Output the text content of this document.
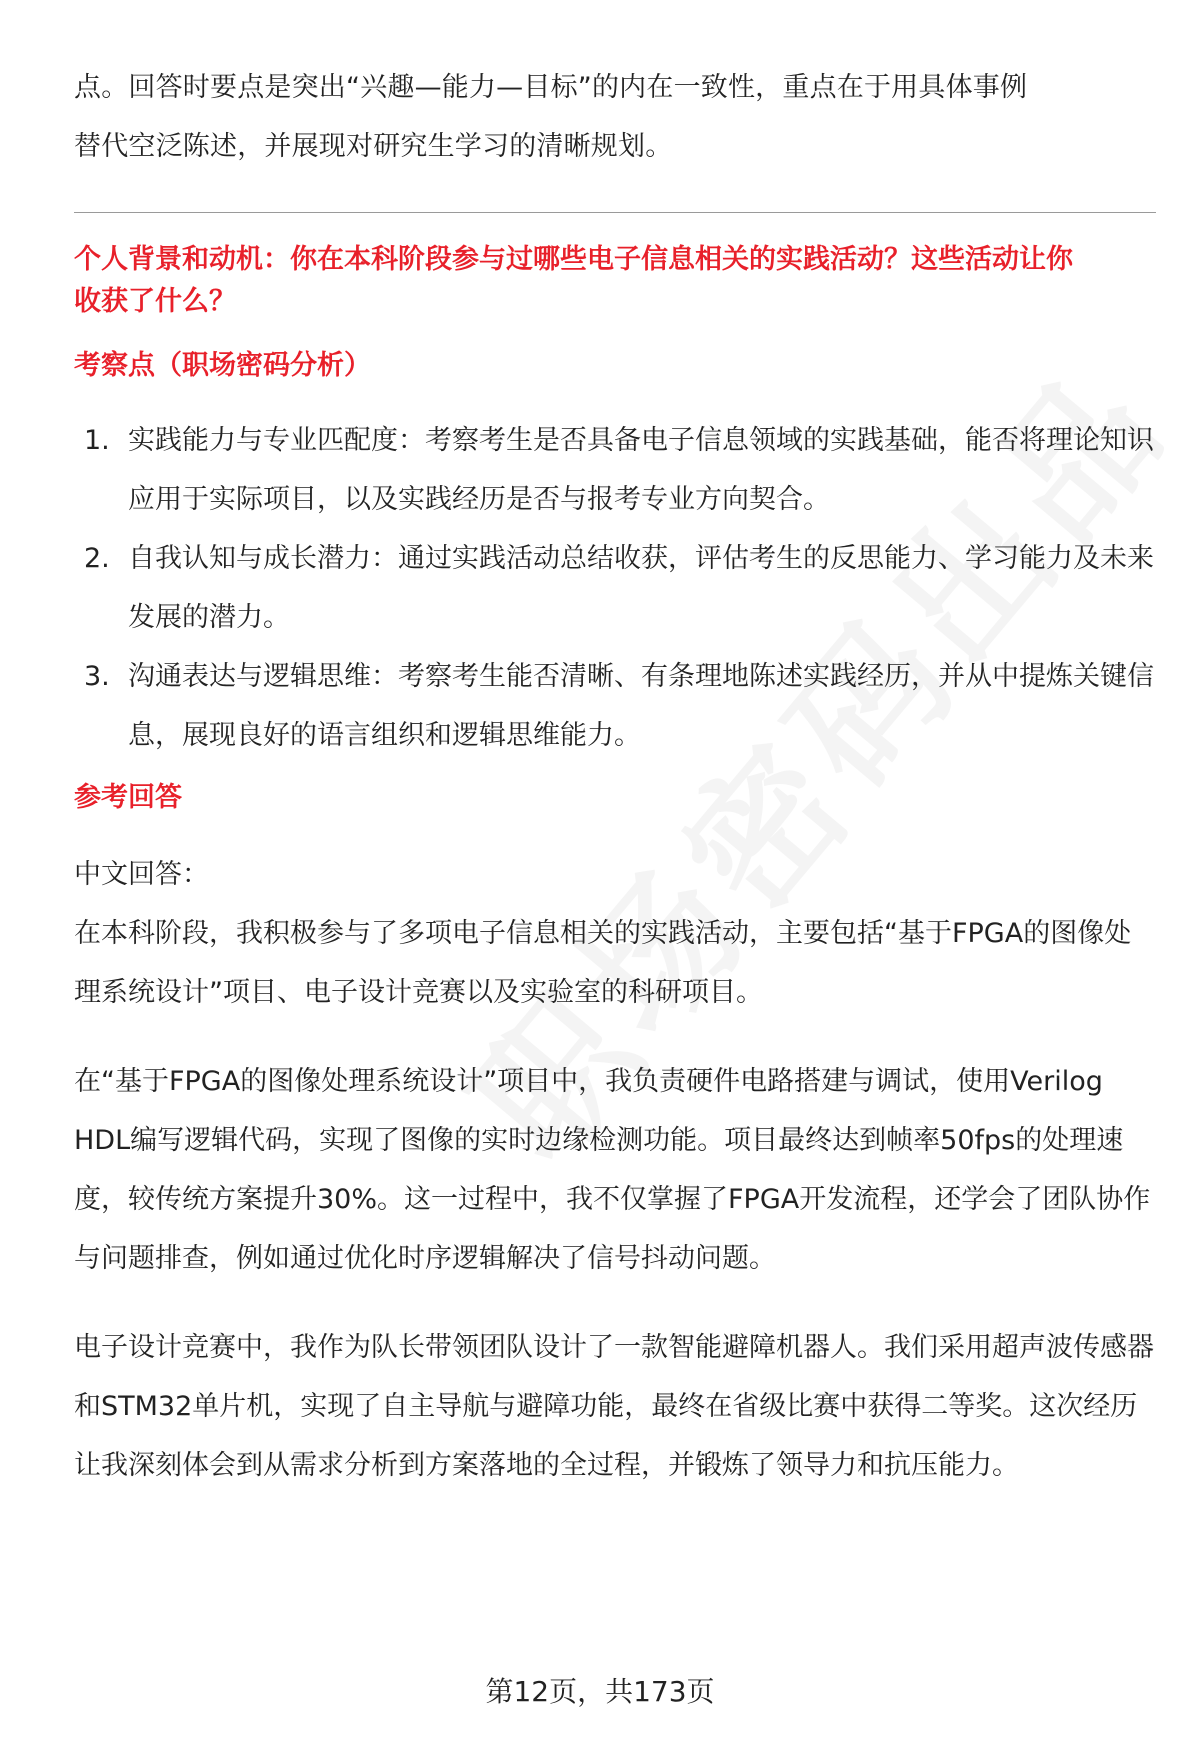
点。回答时要点是突出“兴趣—能力—目标”的内在一致性，重点在于用具体事例

替代空泛陈述，并展现对研究生学习的清晰规划。

个人背景和动机：你在本科阶段参与过哪些电子信息相关的实践活动？这些活动让你收获了什么？
考察点（职场密码分析）
1. 实践能力与专业匹配度：考察考生是否具备电子信息领域的实践基础，能否将理论知识应用于实际项目，以及实践经历是否与报考专业方向契合。
2. 自我认知与成长潜力：通过实践活动总结收获，评估考生的反思能力、学习能力及未来发展的潜力。
3. 沟通表达与逻辑思维：考察考生能否清晰、有条理地陈述实践经历，并从中提炼关键信息，展现良好的语言组织和逻辑思维能力。
参考回答

中文回答：

在本科阶段，我积极参与了多项电子信息相关的实践活动，主要包括“基于FPGA的图像处理系统设计”项目、电子设计竞赛以及实验室的科研项目。

在“基于FPGA的图像处理系统设计”项目中，我负责硬件电路搭建与调试，使用Verilog HDL编写逻辑代码，实现了图像的实时边缘检测功能。项目最终达到帧率50fps的处理速度，较传统方案提升30%。这一过程中，我不仅掌握了FPGA开发流程，还学会了团队协作与问题排查，例如通过优化时序逻辑解决了信号抖动问题。

电子设计竞赛中，我作为队长带领团队设计了一款智能避障机器人。我们采用超声波传感器和STM32单片机，实现了自主导航与避障功能，最终在省级比赛中获得二等奖。这次经历让我深刻体会到从需求分析到方案落地的全过程，并锻炼了领导力和抗压能力。

第12页，共173页
